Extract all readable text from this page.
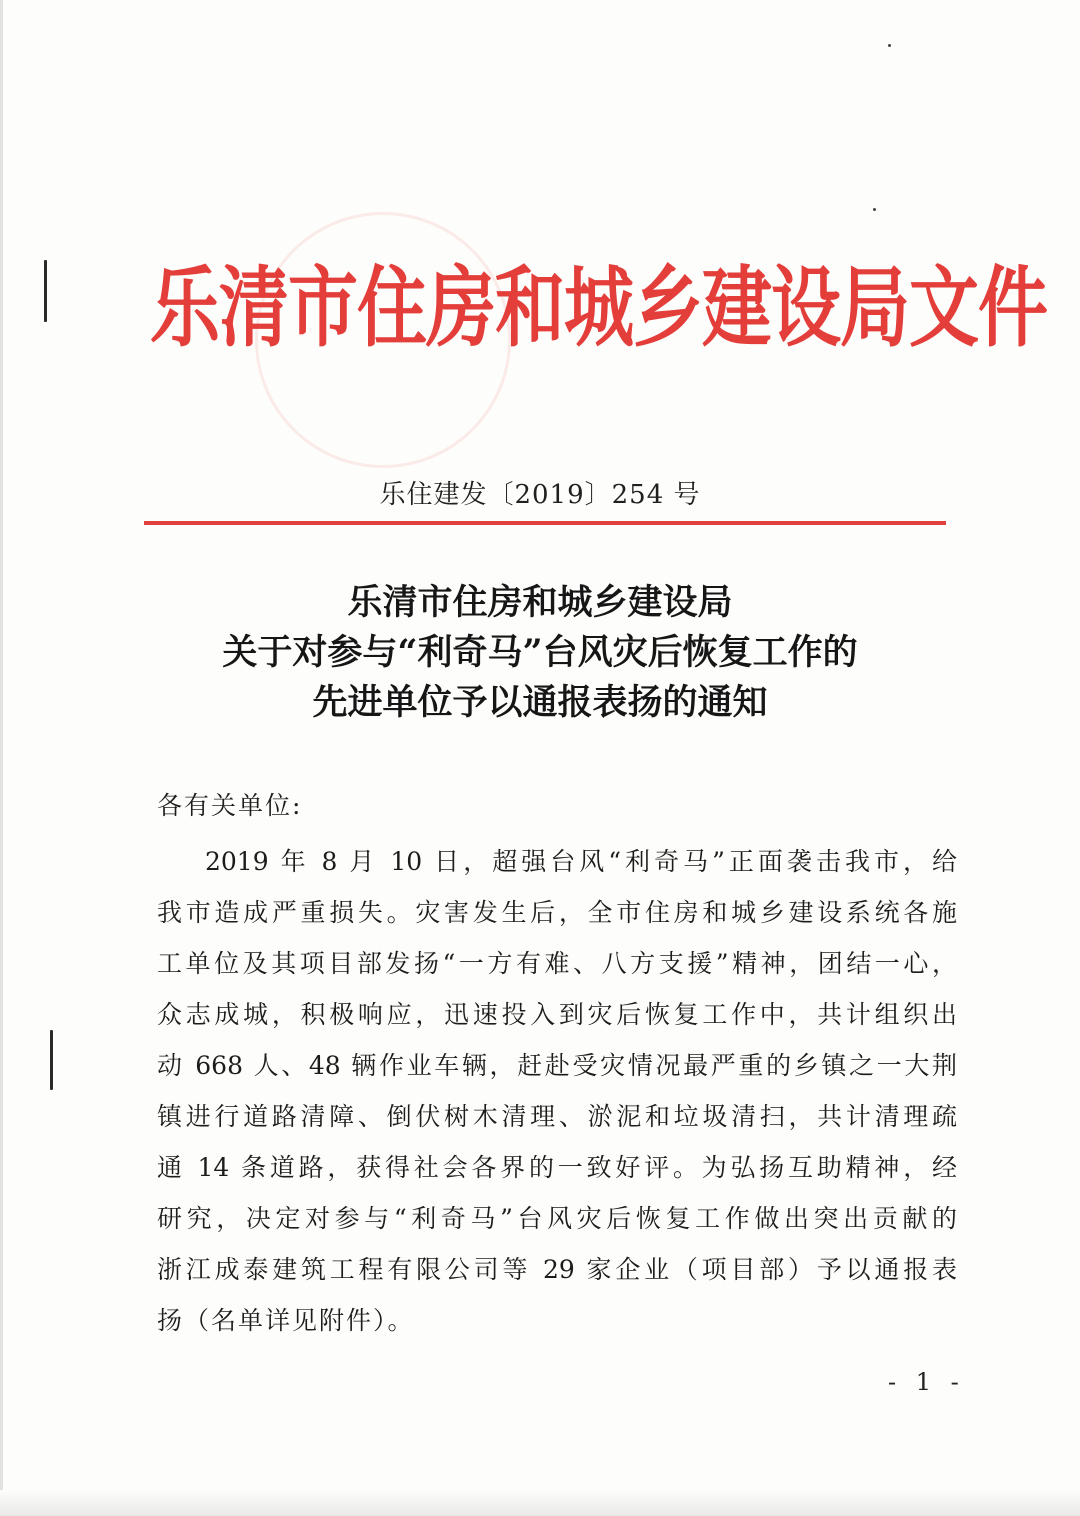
乐清市住房和城乡建设局文件
乐住建发〔2019〕254 号
乐清市住房和城乡建设局
关于对参与“利奇马”台风灾后恢复工作的
先进单位予以通报表扬的通知
各有关单位:
2019 年 8 月 10 日，超强台风“利奇马”正面袭击我市，给
我市造成严重损失。灾害发生后，全市住房和城乡建设系统各施
工单位及其项目部发扬“一方有难、八方支援”精神，团结一心，
众志成城，积极响应，迅速投入到灾后恢复工作中，共计组织出
动 668 人、48 辆作业车辆，赶赴受灾情况最严重的乡镇之一大荆
镇进行道路清障、倒伏树木清理、淤泥和垃圾清扫，共计清理疏
通 14 条道路，获得社会各界的一致好评。为弘扬互助精神，经
研究，决定对参与“利奇马”台风灾后恢复工作做出突出贡献的
浙江成泰建筑工程有限公司等 29 家企业（项目部）予以通报表
扬（名单详见附件）。
- 1 -
